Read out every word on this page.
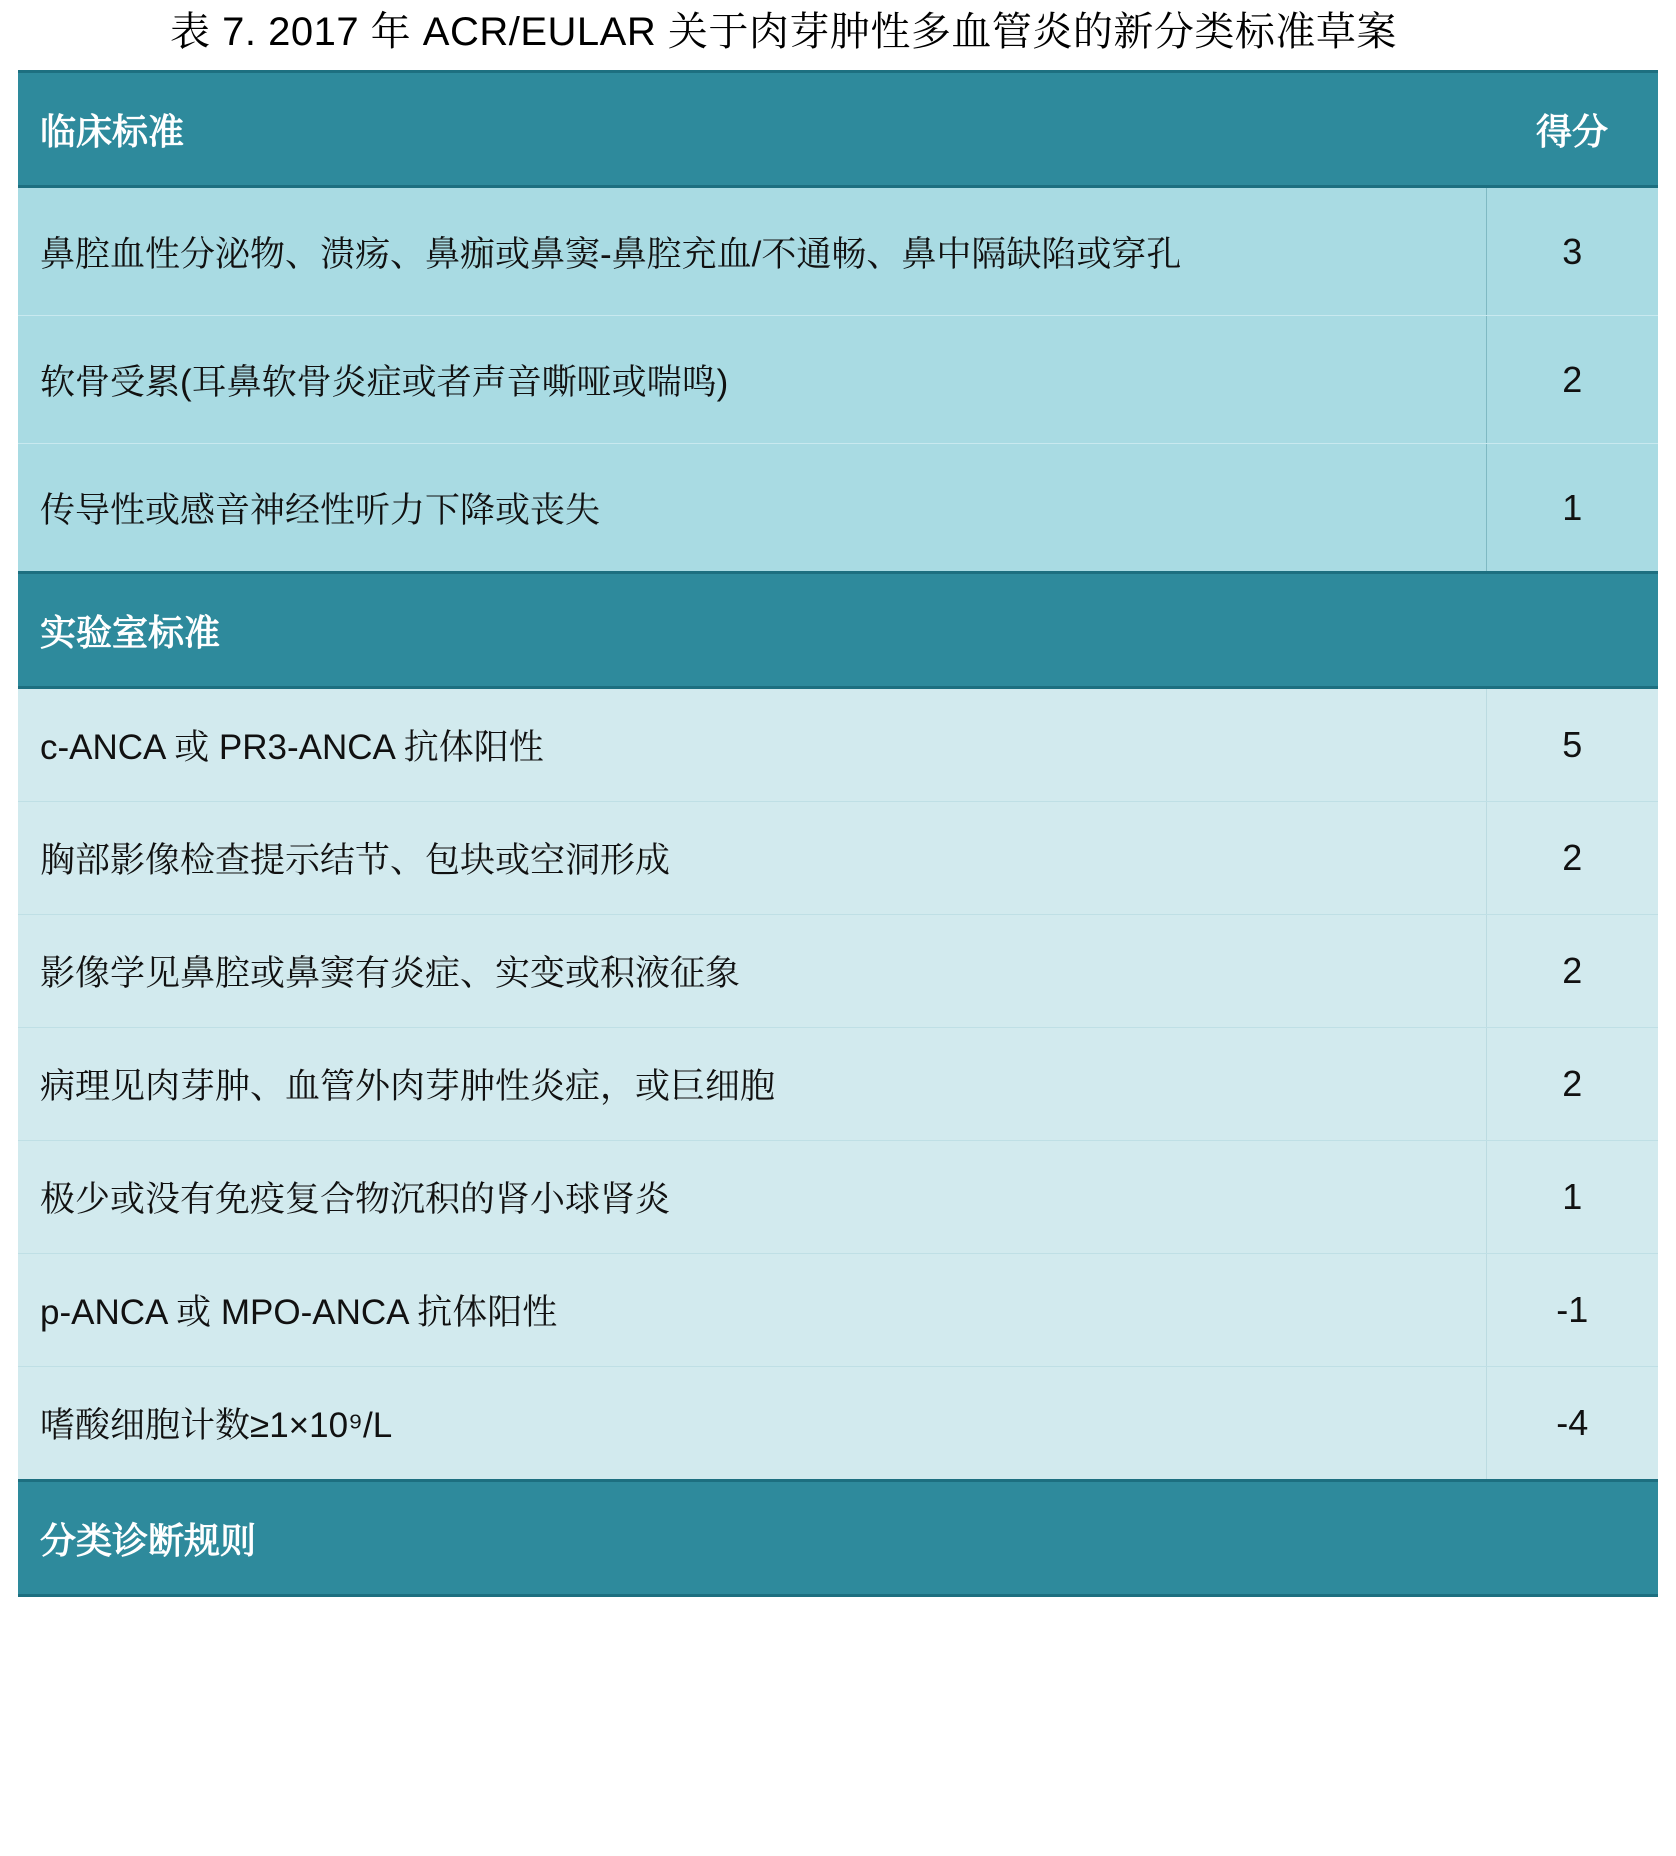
表 7. 2017 年 ACR/EULAR 关于肉芽肿性多血管炎的新分类标准草案
临床标准	得分
鼻腔血性分泌物、溃疡、鼻痂或鼻窦-鼻腔充血/不通畅、鼻中隔缺陷或穿孔	3
软骨受累(耳鼻软骨炎症或者声音嘶哑或喘鸣)	2
传导性或感音神经性听力下降或丧失	1
实验室标准	
c-ANCA 或 PR3-ANCA 抗体阳性	5
胸部影像检查提示结节、包块或空洞形成	2
影像学见鼻腔或鼻窦有炎症、实变或积液征象	2
病理见肉芽肿、血管外肉芽肿性炎症，或巨细胞	2
极少或没有免疫复合物沉积的肾小球肾炎	1
p-ANCA 或 MPO-ANCA 抗体阳性	-1
嗜酸细胞计数≥1×10⁹/L	-4
分类诊断规则	
头条 @刘湘源医生
